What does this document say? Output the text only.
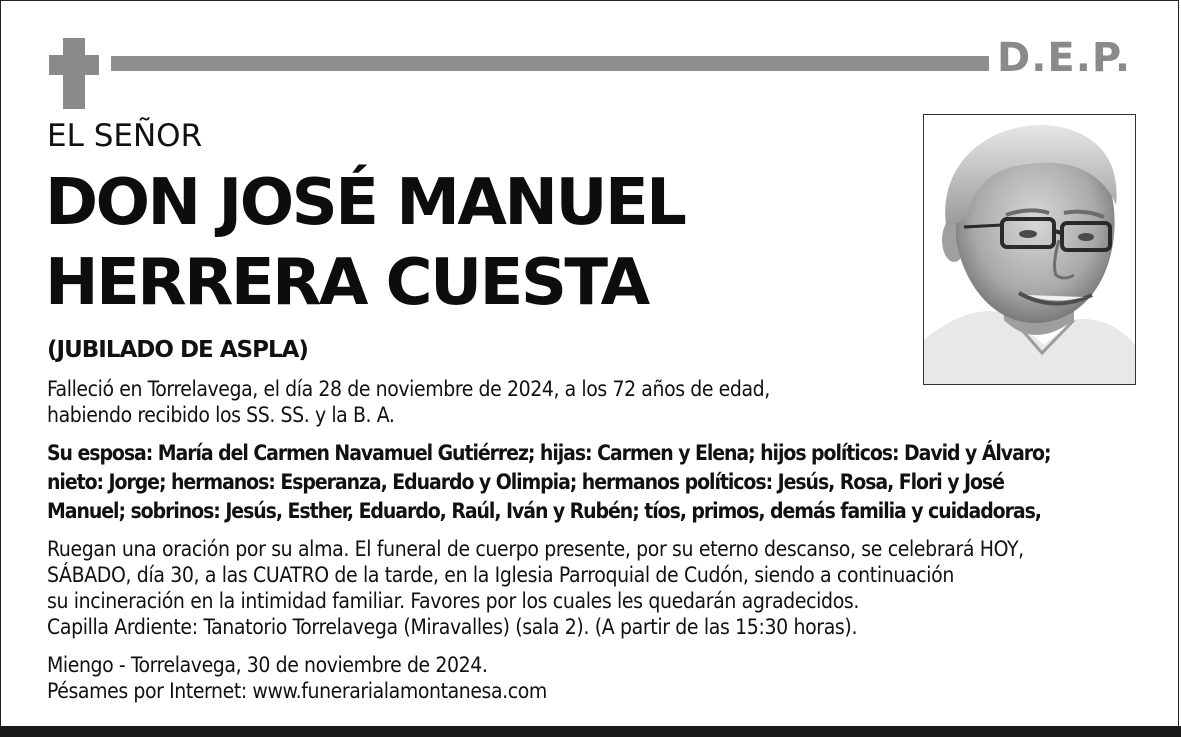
D.E.P.
EL SEÑOR
DON JOSÉ MANUEL
HERRERA CUESTA
(JUBILADO DE ASPLA)
Falleció en Torrelavega, el día 28 de noviembre de 2024, a los 72 años de edad,
habiendo recibido los SS. SS. y la B. A.
Su esposa: María del Carmen Navamuel Gutiérrez; hijas: Carmen y Elena; hijos políticos: David y Álvaro;
nieto: Jorge; hermanos: Esperanza, Eduardo y Olimpia; hermanos políticos: Jesús, Rosa, Flori y José
Manuel; sobrinos: Jesús, Esther, Eduardo, Raúl, Iván y Rubén; tíos, primos, demás familia y cuidadoras,
Ruegan una oración por su alma. El funeral de cuerpo presente, por su eterno descanso, se celebrará HOY,
SÁBADO, día 30, a las CUATRO de la tarde, en la Iglesia Parroquial de Cudón, siendo a continuación
su incineración en la intimidad familiar. Favores por los cuales les quedarán agradecidos.
Capilla Ardiente: Tanatorio Torrelavega (Miravalles) (sala 2). (A partir de las 15:30 horas).
Miengo - Torrelavega, 30 de noviembre de 2024.
Pésames por Internet: www.funerarialamontanesa.com
